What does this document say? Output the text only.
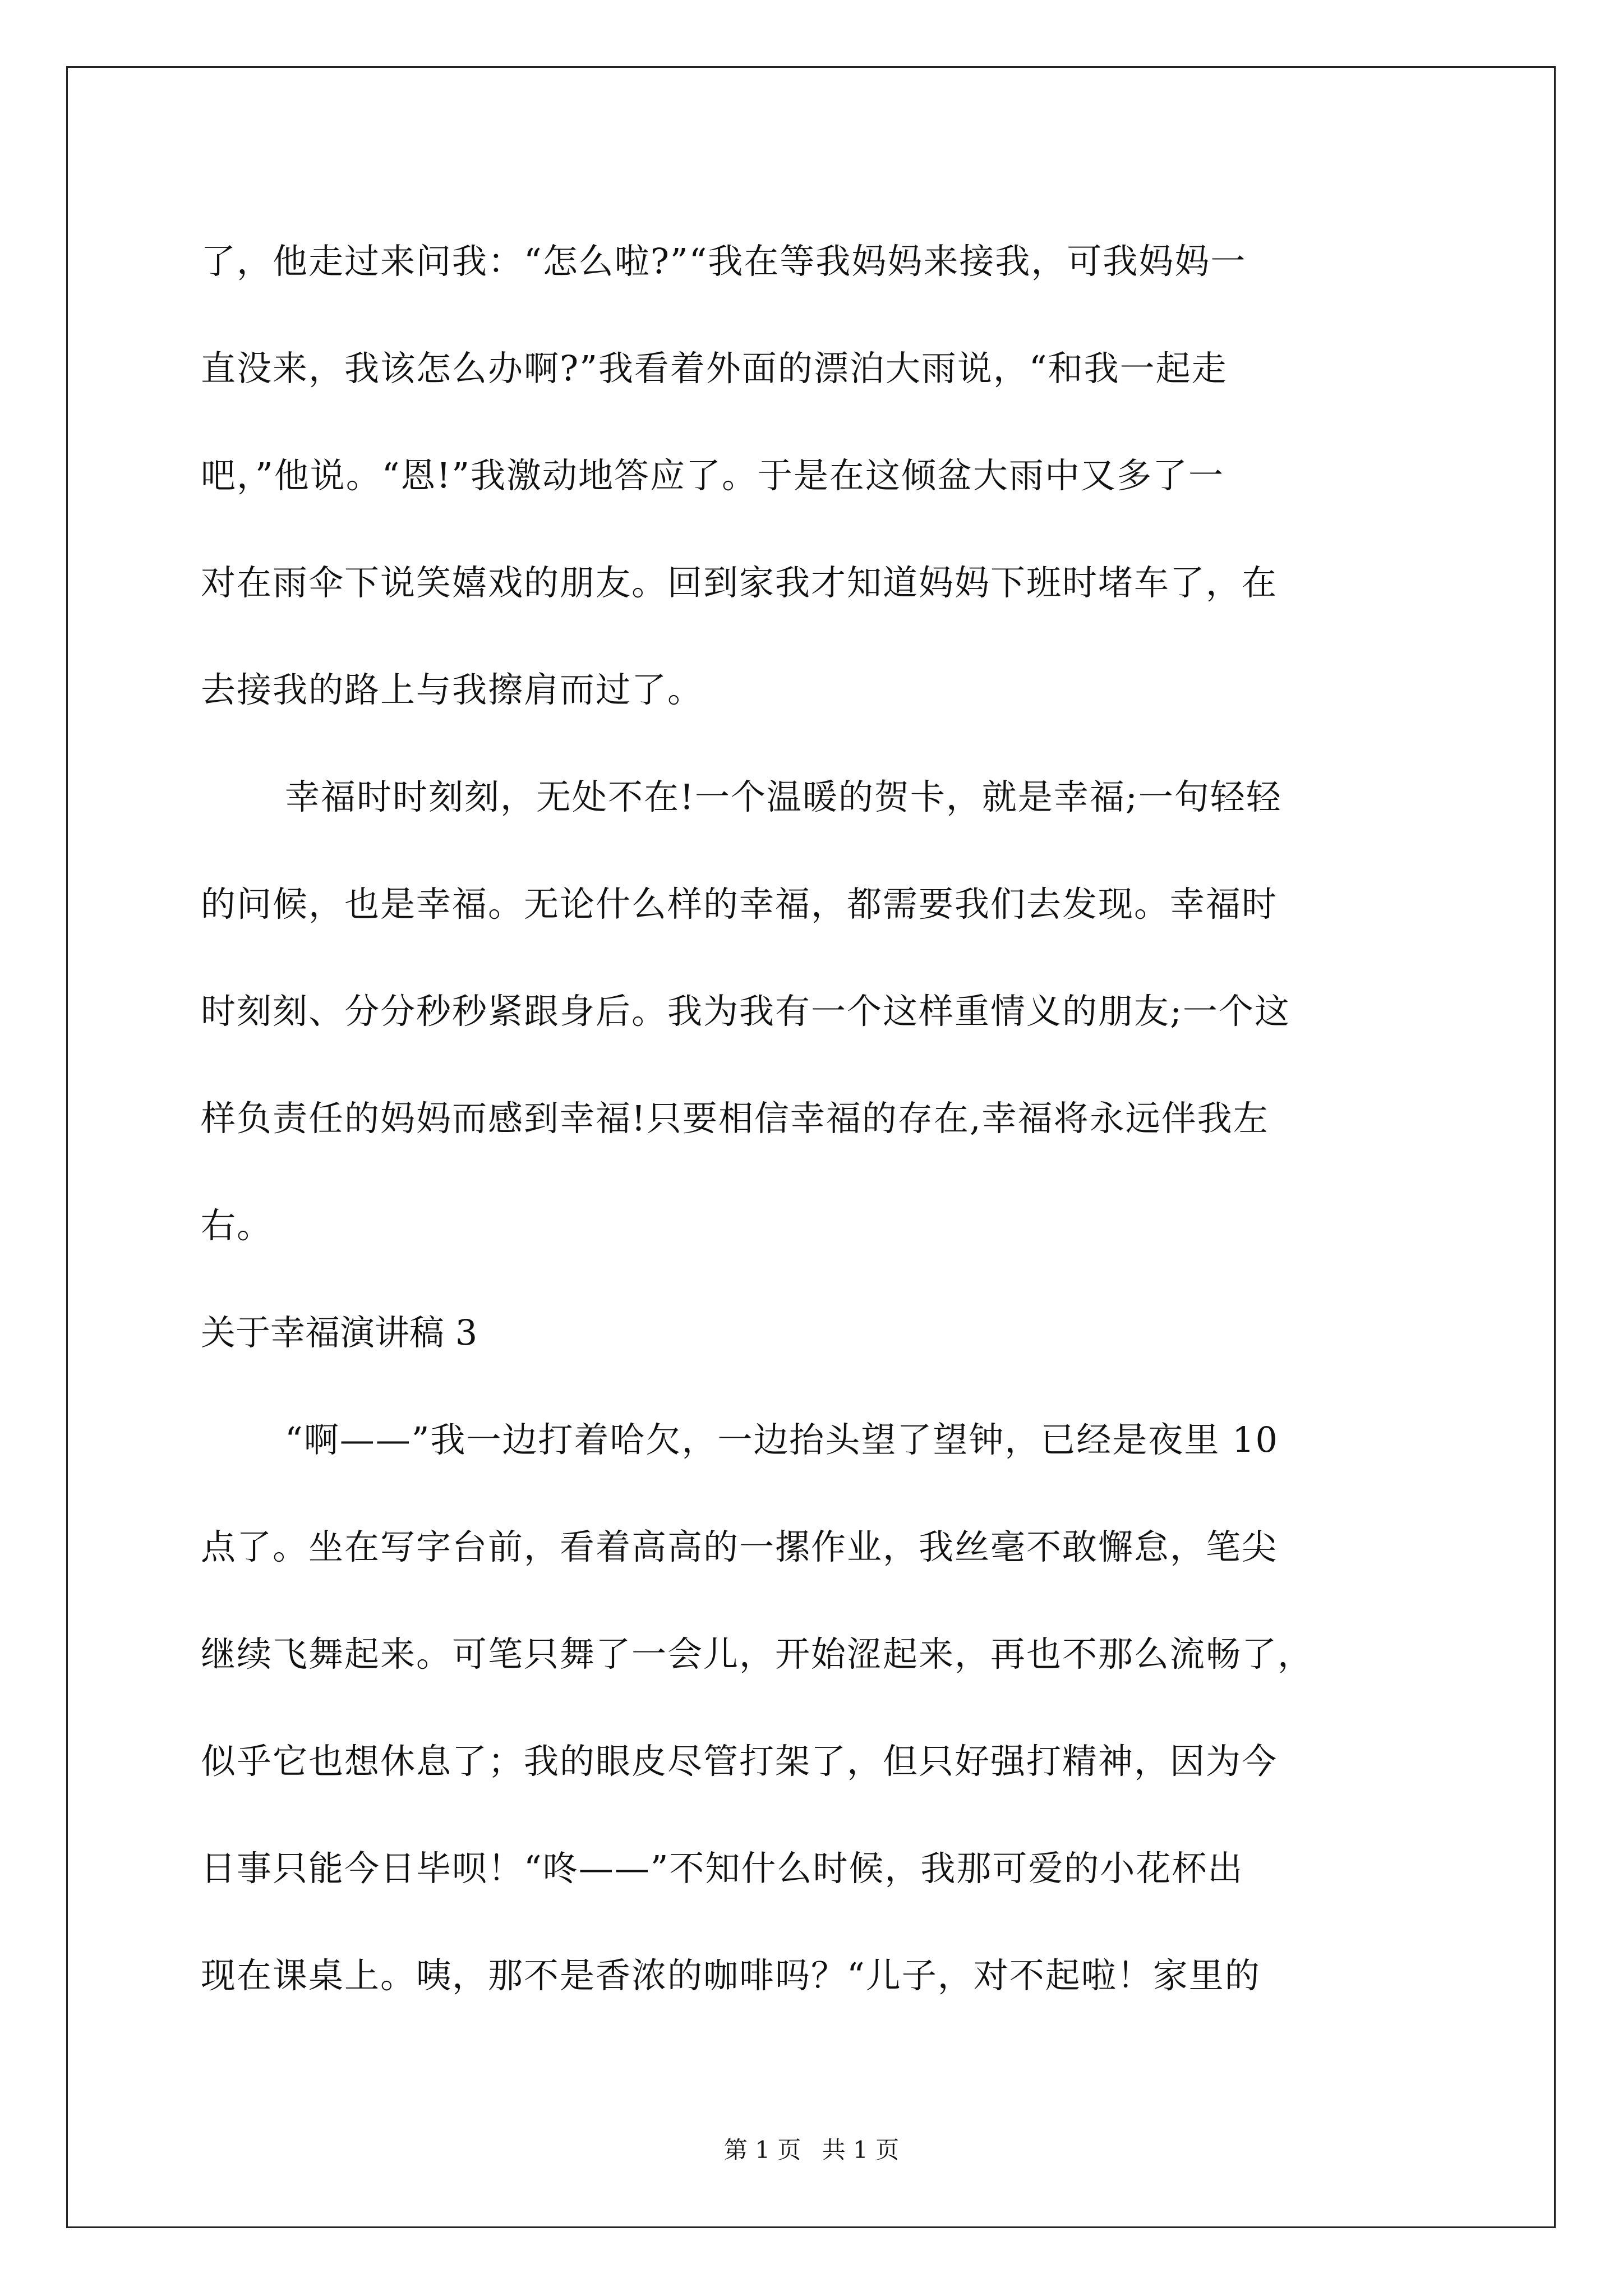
了，他走过来问我：“怎么啦?”“我在等我妈妈来接我，可我妈妈一
直没来，我该怎么办啊?”我看着外面的漂泊大雨说，“和我一起走
吧，”他说。“恩!”我激动地答应了。于是在这倾盆大雨中又多了一
对在雨伞下说笑嬉戏的朋友。回到家我才知道妈妈下班时堵车了，在
去接我的路上与我擦肩而过了。
幸福时时刻刻，无处不在!一个温暖的贺卡，就是幸福;一句轻轻
的问候，也是幸福。无论什么样的幸福，都需要我们去发现。幸福时
时刻刻、分分秒秒紧跟身后。我为我有一个这样重情义的朋友;一个这
样负责任的妈妈而感到幸福!只要相信幸福的存在,幸福将永远伴我左
右。
关于幸福演讲稿 3
“啊——”我一边打着哈欠，一边抬头望了望钟，已经是夜里 10
点了。坐在写字台前，看着高高的一摞作业，我丝毫不敢懈怠，笔尖
继续飞舞起来。可笔只舞了一会儿，开始涩起来，再也不那么流畅了，
似乎它也想休息了；我的眼皮尽管打架了，但只好强打精神，因为今
日事只能今日毕呗！“咚——”不知什么时候，我那可爱的小花杯出
现在课桌上。咦，那不是香浓的咖啡吗？“儿子，对不起啦！家里的
第 1 页 共 1 页
